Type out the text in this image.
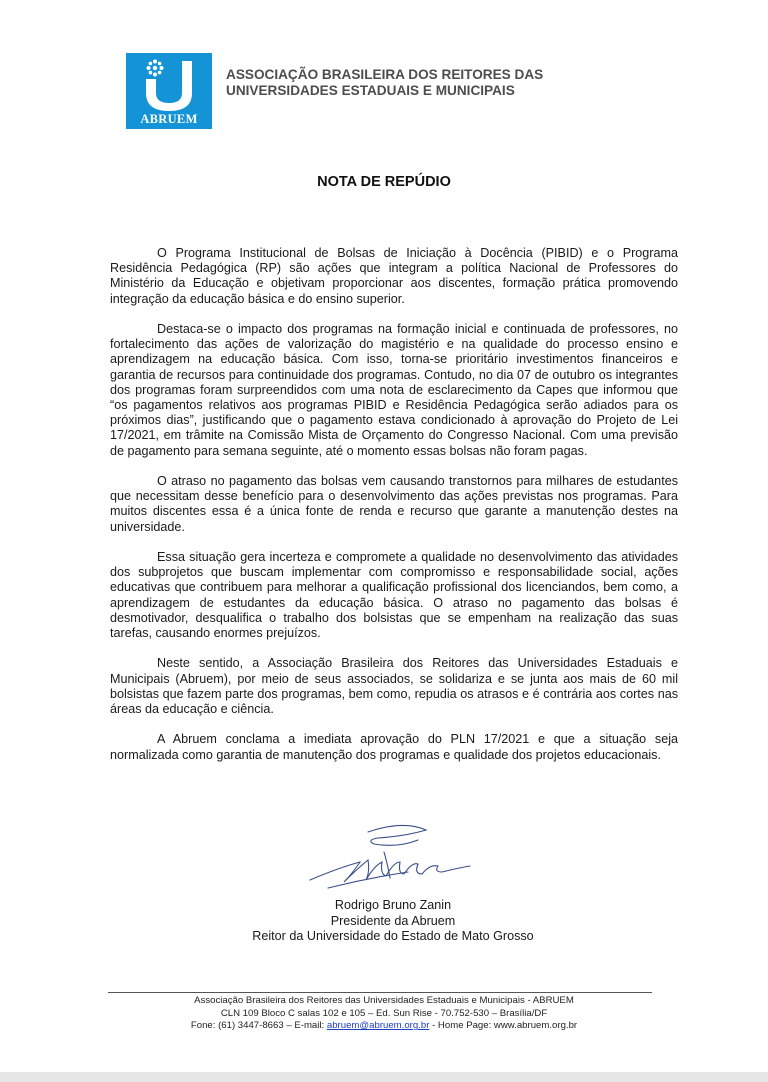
ABRUEM
ASSOCIAÇÃO BRASILEIRA DOS REITORES DAS
UNIVERSIDADES ESTADUAIS E MUNICIPAIS
NOTA DE REPÚDIO

O Programa Institucional de Bolsas de Iniciação à Docência (PIBID) e o Programa Residência Pedagógica (RP) são ações que integram a política Nacional de Professores do Ministério da Educação e objetivam proporcionar aos discentes, formação prática promovendo integração da educação básica e do ensino superior.

Destaca-se o impacto dos programas na formação inicial e continuada de professores, no fortalecimento das ações de valorização do magistério e na qualidade do processo ensino e aprendizagem na educação básica. Com isso, torna-se prioritário investimentos financeiros e garantia de recursos para continuidade dos programas. Contudo, no dia 07 de outubro os integrantes dos programas foram surpreendidos com uma nota de esclarecimento da Capes que informou que “os pagamentos relativos aos programas PIBID e Residência Pedagógica serão adiados para os próximos dias”, justificando que o pagamento estava condicionado à aprovação do Projeto de Lei 17/2021, em trâmite na Comissão Mista de Orçamento do Congresso Nacional. Com uma previsão de pagamento para semana seguinte, até o momento essas bolsas não foram pagas.

O atraso no pagamento das bolsas vem causando transtornos para milhares de estudantes que necessitam desse benefício para o desenvolvimento das ações previstas nos programas. Para muitos discentes essa é a única fonte de renda e recurso que garante a manutenção destes na universidade.

Essa situação gera incerteza e compromete a qualidade no desenvolvimento das atividades dos subprojetos que buscam implementar com compromisso e responsabilidade social, ações educativas que contribuem para melhorar a qualificação profissional dos licenciandos, bem como, a aprendizagem de estudantes da educação básica. O atraso no pagamento das bolsas é desmotivador, desqualifica o trabalho dos bolsistas que se empenham na realização das suas tarefas, causando enormes prejuízos.

Neste sentido, a Associação Brasileira dos Reitores das Universidades Estaduais e Municipais (Abruem), por meio de seus associados, se solidariza e se junta aos mais de 60 mil bolsistas que fazem parte dos programas, bem como, repudia os atrasos e é contrária aos cortes nas áreas da educação e ciência.

A Abruem conclama a imediata aprovação do PLN 17/2021 e que a situação seja normalizada como garantia de manutenção dos programas e qualidade dos projetos educacionais.

Rodrigo Bruno Zanin
Presidente da Abruem
Reitor da Universidade do Estado de Mato Grosso
Associação Brasileira dos Reitores das Universidades Estaduais e Municipais - ABRUEM
CLN 109 Bloco C salas 102 e 105 – Ed. Sun Rise - 70.752-530 – Brasília/DF
Fone: (61) 3447-8663 – E-mail: abruem@abruem.org.br - Home Page: www.abruem.org.br
